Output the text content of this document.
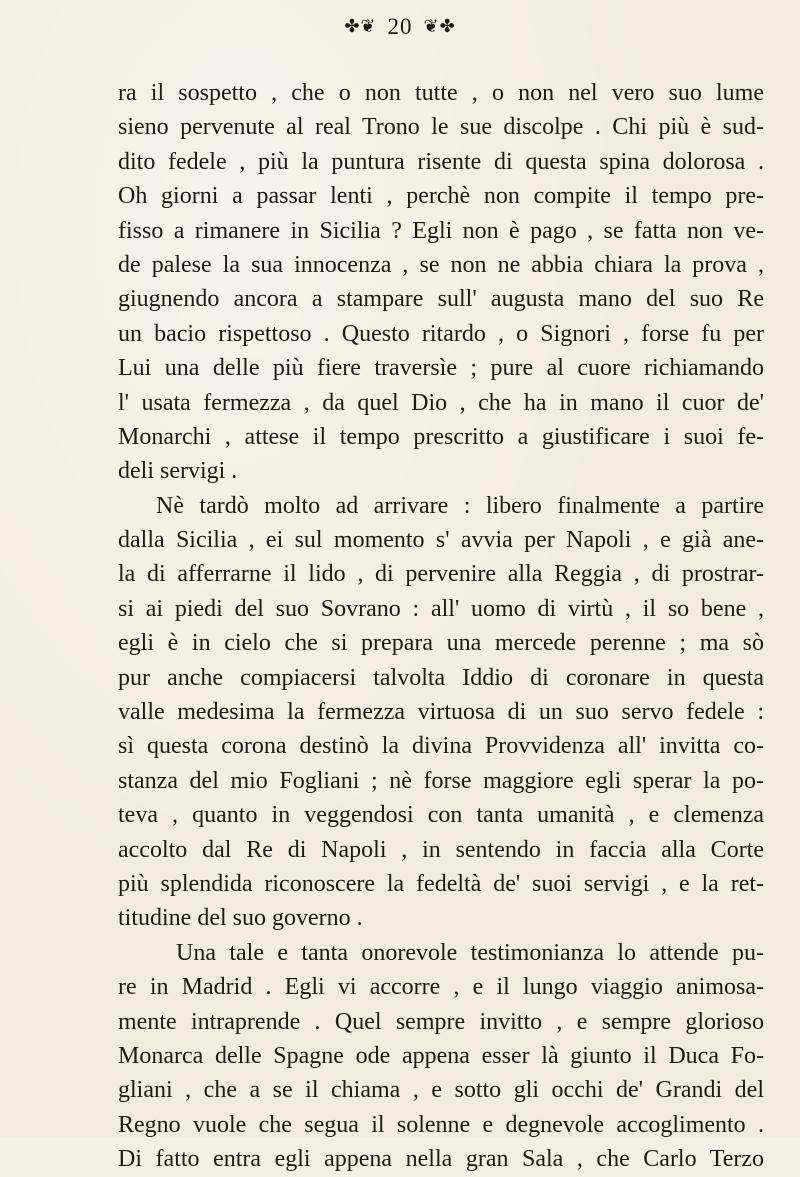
✤❦ 20 ❦✤
ra il sospetto , che o non tutte , o non nel vero suo lume
sieno pervenute al real Trono le sue discolpe . Chi più è sud-
dito fedele , più la puntura risente di questa spina dolorosa .
Oh giorni a passar lenti , perchè non compite il tempo pre-
fisso a rimanere in Sicilia ? Egli non è pago , se fatta non ve-
de palese la sua innocenza , se non ne abbia chiara la prova ,
giugnendo ancora a stampare sull' augusta mano del suo Re
un bacio rispettoso . Questo ritardo , o Signori , forse fu per
Lui una delle più fiere traversìe ; pure al cuore richiamando
l' usata fermezza , da quel Dio , che ha in mano il cuor de'
Monarchi , attese il tempo prescritto a giustificare i suoi fe-
deli servigi .
Nè tardò molto ad arrivare : libero finalmente a partire
dalla Sicilia , ei sul momento s' avvia per Napoli , e già ane-
la di afferrarne il lido , di pervenire alla Reggia , di prostrar-
si ai piedi del suo Sovrano : all' uomo di virtù , il so bene ,
egli è in cielo che si prepara una mercede perenne ; ma sò
pur anche compiacersi talvolta Iddio di coronare in questa
valle medesima la fermezza virtuosa di un suo servo fedele :
sì questa corona destinò la divina Provvidenza all' invitta co-
stanza del mio Fogliani ; nè forse maggiore egli sperar la po-
teva , quanto in veggendosi con tanta umanità , e clemenza
accolto dal Re di Napoli , in sentendo in faccia alla Corte
più splendida riconoscere la fedeltà de' suoi servigi , e la ret-
titudine del suo governo .
Una tale e tanta onorevole testimonianza lo attende pu-
re in Madrid . Egli vi accorre , e il lungo viaggio animosa-
mente intraprende . Quel sempre invitto , e sempre glorioso
Monarca delle Spagne ode appena esser là giunto il Duca Fo-
gliani , che a se il chiama , e sotto gli occhi de' Grandi del
Regno vuole che segua il solenne e degnevole accoglimento .
Di fatto entra egli appena nella gran Sala , che Carlo Terzo
